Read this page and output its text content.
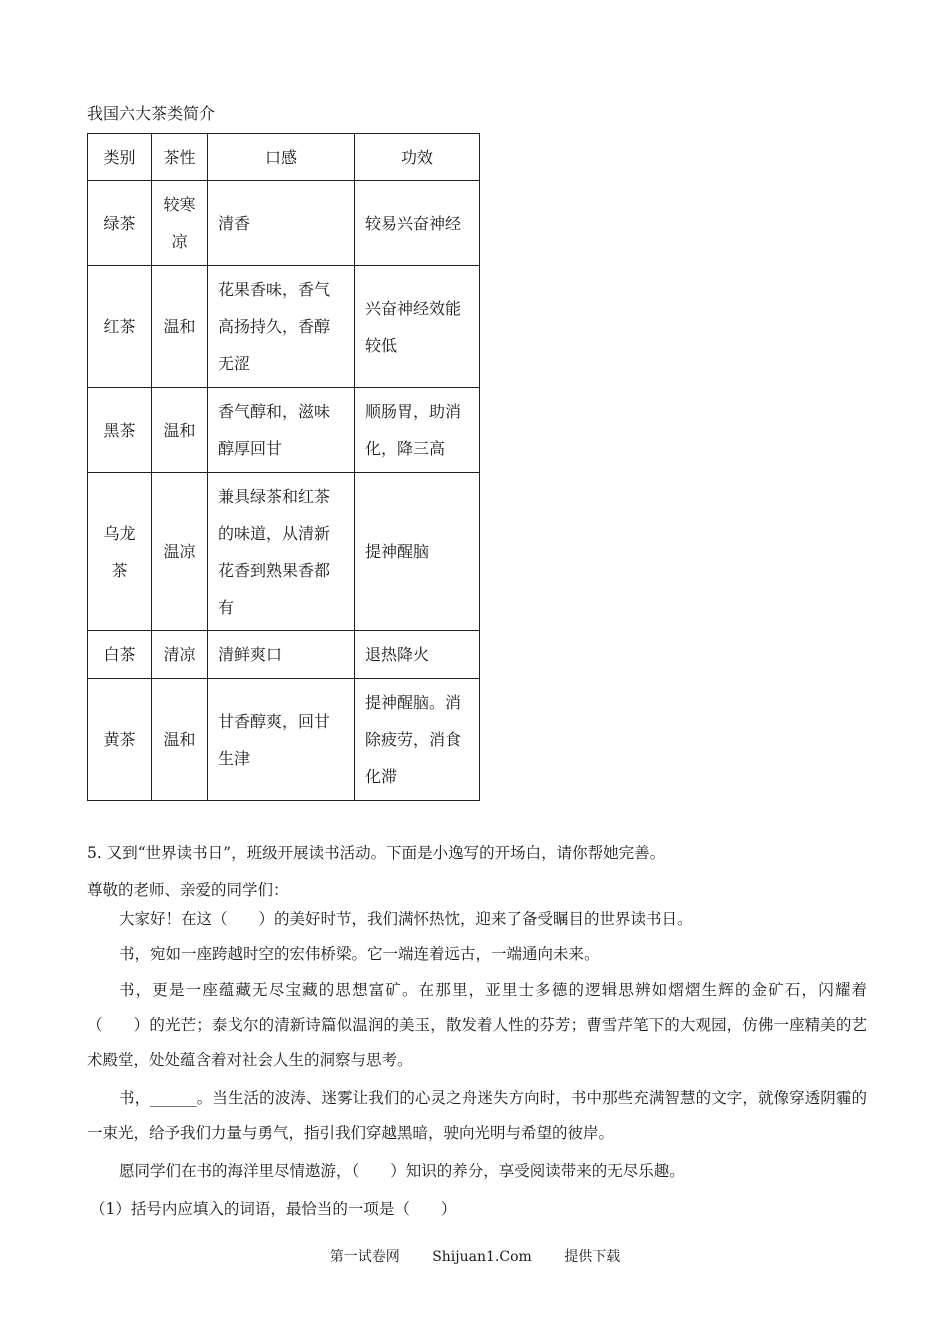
我国六大茶类简介
类别	茶性	口感	功效
绿茶	较寒凉	清香	较易兴奋神经
红茶	温和	花果香味，香气高扬持久，香醇无涩	兴奋神经效能较低
黑茶	温和	香气醇和，滋味醇厚回甘	顺肠胃，助消化，降三高
乌龙茶	温凉	兼具绿茶和红茶的味道，从清新花香到熟果香都有	提神醒脑
白茶	清凉	清鲜爽口	退热降火
黄茶	温和	甘香醇爽，回甘生津	提神醒脑。消除疲劳，消食化滞
5. 又到“世界读书日”，班级开展读书活动。下面是小逸写的开场白，请你帮她完善。
尊敬的老师、亲爱的同学们：
大家好！在这（　　）的美好时节，我们满怀热忱，迎来了备受瞩目的世界读书日。
书，宛如一座跨越时空的宏伟桥梁。它一端连着远古，一端通向未来。
书，更是一座蕴藏无尽宝藏的思想富矿。在那里，亚里士多德的逻辑思辨如熠熠生辉的金矿石，闪耀着（　　）的光芒；泰戈尔的清新诗篇似温润的美玉，散发着人性的芬芳；曹雪芹笔下的大观园，仿佛一座精美的艺术殿堂，处处蕴含着对社会人生的洞察与思考。
书，______。当生活的波涛、迷雾让我们的心灵之舟迷失方向时，书中那些充满智慧的文字，就像穿透阴霾的一束光，给予我们力量与勇气，指引我们穿越黑暗，驶向光明与希望的彼岸。
愿同学们在书的海洋里尽情遨游，（　　）知识的养分，享受阅读带来的无尽乐趣。
（1）括号内应填入的词语，最恰当的一项是（　　）
第一试卷网 Shijuan1.Com 提供下载
